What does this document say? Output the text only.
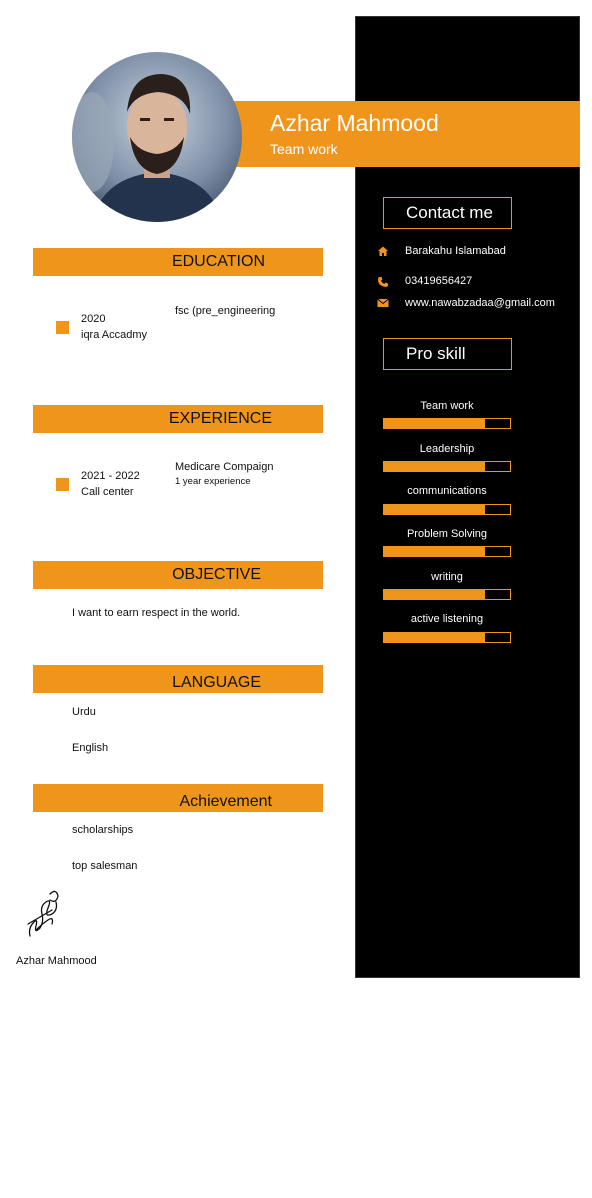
Azhar Mahmood
Team work
EDUCATION
2020
iqra Accadmy
fsc (pre_engineering
EXPERIENCE
2021 - 2022
Call center
Medicare Compaign
1 year experience
OBJECTIVE
I want to earn respect in the world.
LANGUAGE
Urdu
English
Achievement
scholarships
top salesman
Azhar Mahmood
Contact me
Barakahu Islamabad
03419656427
www.nawabzadaa@gmail.com
Pro skill
Team work
Leadership
communications
Problem Solving
writing
active listening
